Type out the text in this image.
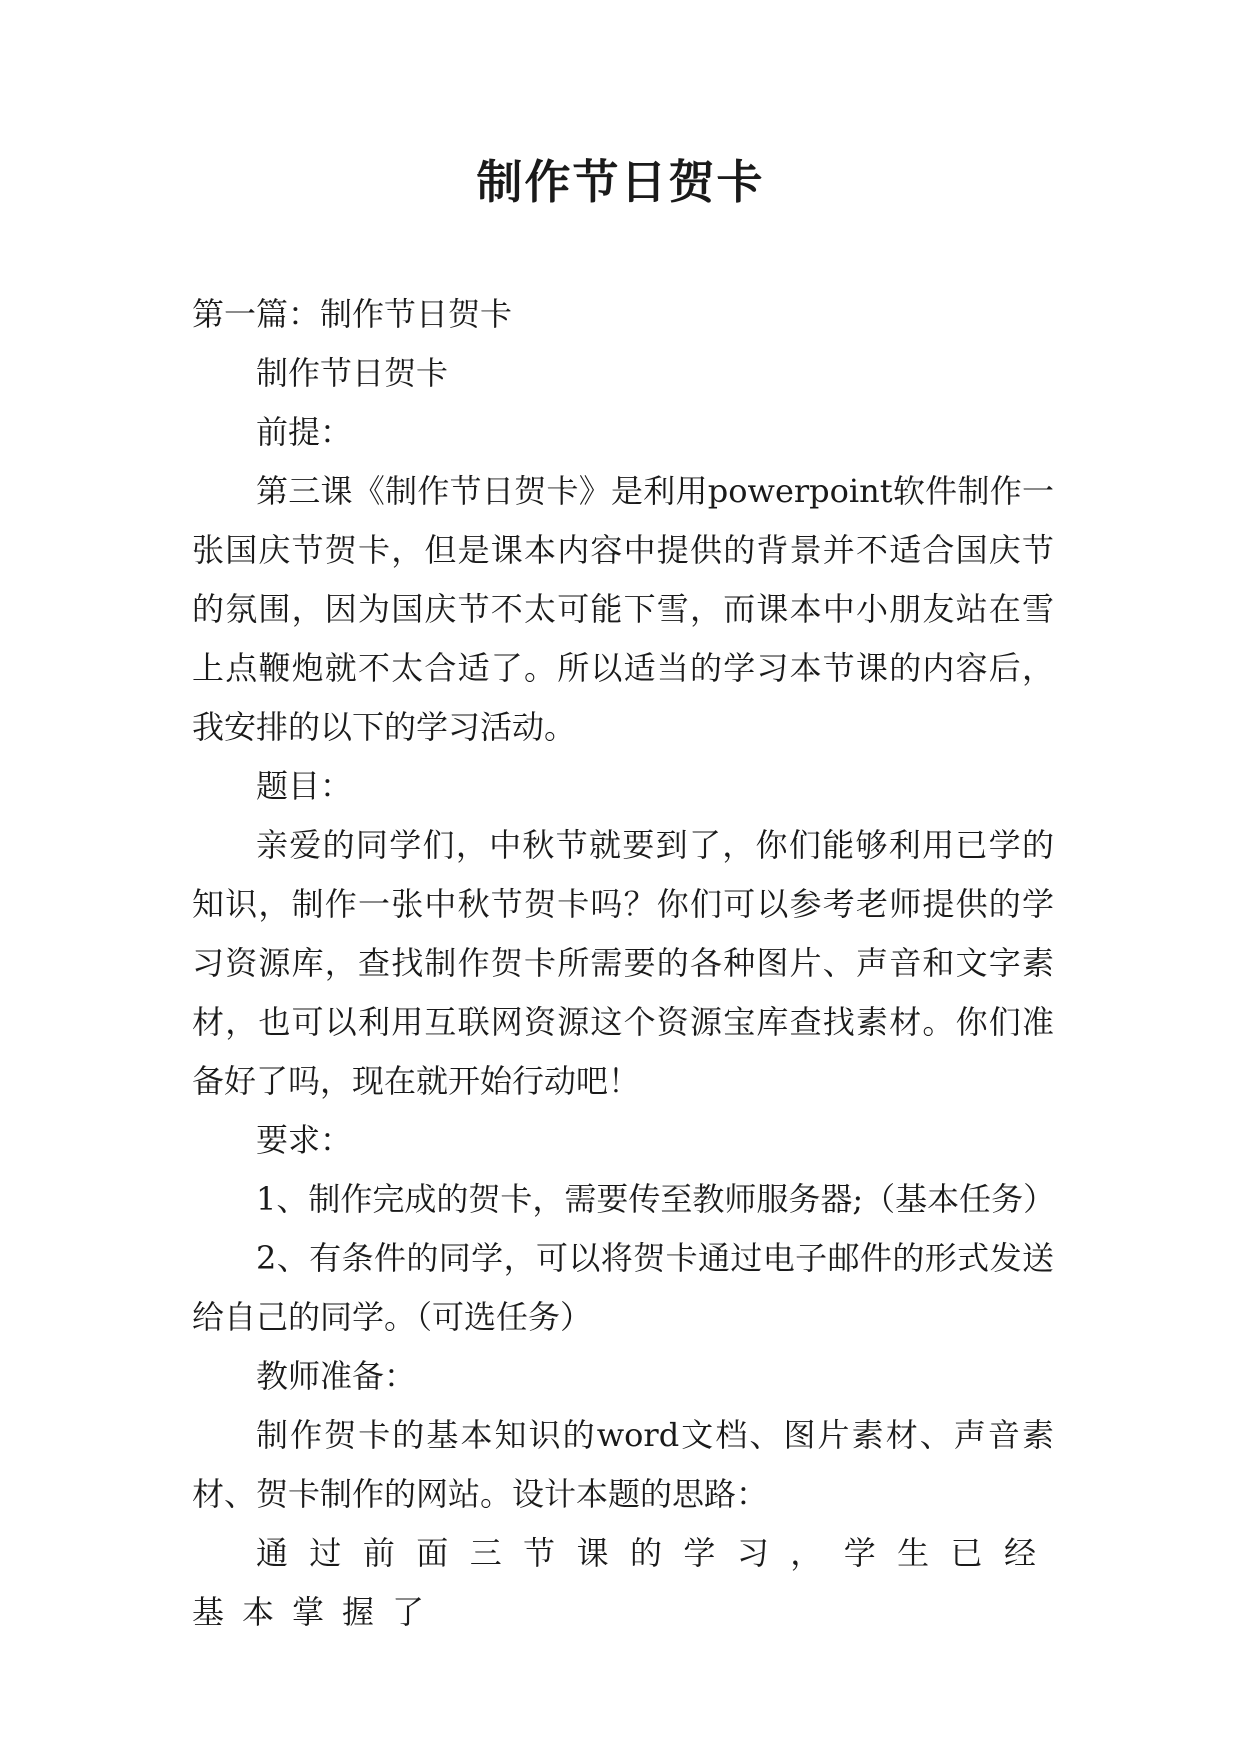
制作节日贺卡

第一篇：制作节日贺卡

制作节日贺卡

前提：

第三课《制作节日贺卡》是利用powerpoint软件制作一张国庆节贺卡，但是课本内容中提供的背景并不适合国庆节的氛围，因为国庆节不太可能下雪，而课本中小朋友站在雪上点鞭炮就不太合适了。所以适当的学习本节课的内容后，我安排的以下的学习活动。

题目：

亲爱的同学们，中秋节就要到了，你们能够利用已学的知识，制作一张中秋节贺卡吗？你们可以参考老师提供的学习资源库，查找制作贺卡所需要的各种图片、声音和文字素材，也可以利用互联网资源这个资源宝库查找素材。你们准备好了吗，现在就开始行动吧！

要求：

1、制作完成的贺卡，需要传至教师服务器;（基本任务）

2、有条件的同学，可以将贺卡通过电子邮件的形式发送给自己的同学。（可选任务）

教师准备：

制作贺卡的基本知识的word文档、图片素材、声音素材、贺卡制作的网站。设计本题的思路：

通过前面三节课的学习，学生已经基本掌握了
